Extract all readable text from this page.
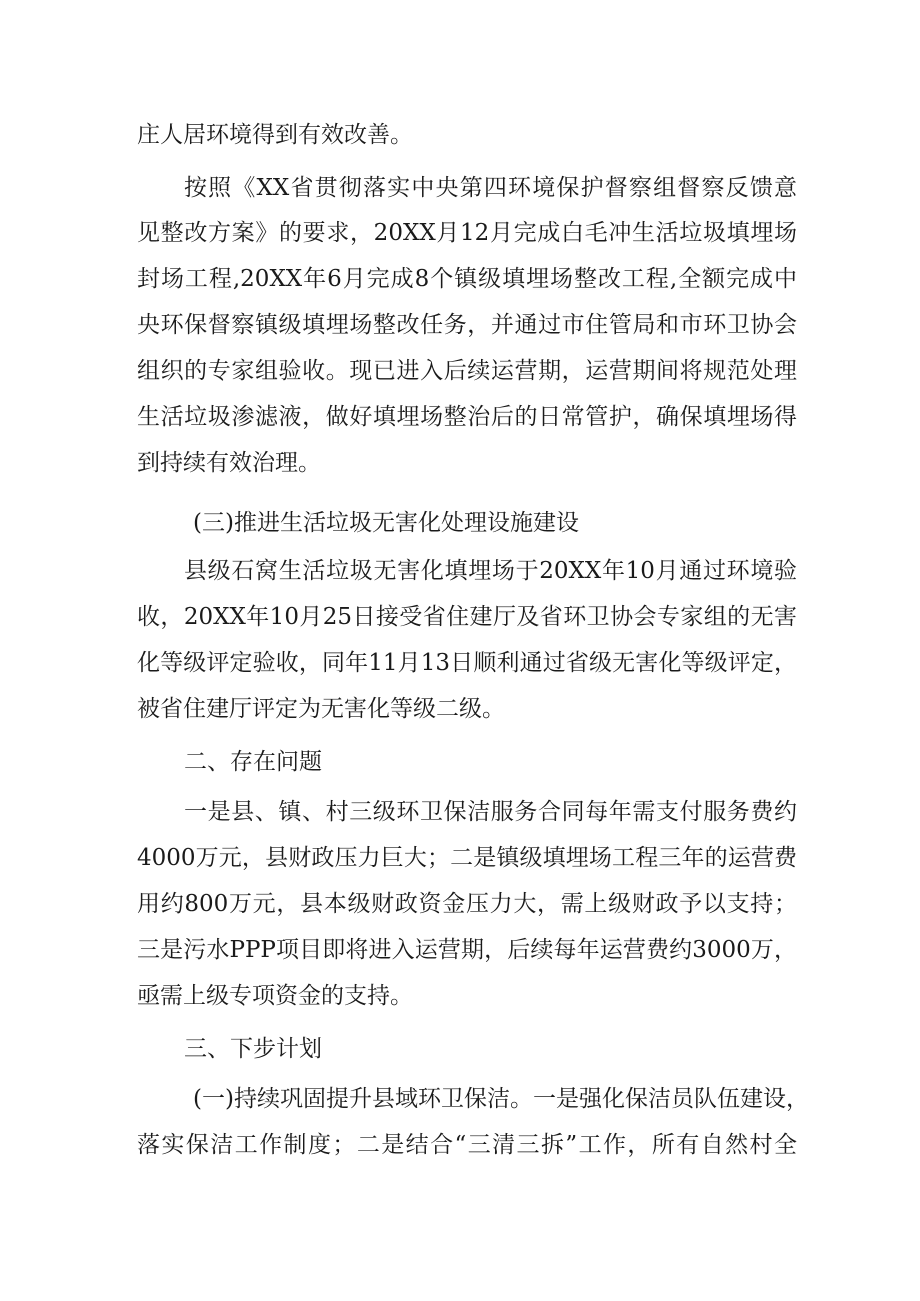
庄人居环境得到有效改善。
按照《XX省贯彻落实中央第四环境保护督察组督察反馈意
见整改方案》的要求，20XX月12月完成白毛冲生活垃圾填埋场
封场工程,20XX年6月完成8个镇级填埋场整改工程,全额完成中
央环保督察镇级填埋场整改任务，并通过市住管局和市环卫协会
组织的专家组验收。现已进入后续运营期，运营期间将规范处理
生活垃圾渗滤液，做好填埋场整治后的日常管护，确保填埋场得
到持续有效治理。
(三)推进生活垃圾无害化处理设施建设
县级石窝生活垃圾无害化填埋场于20XX年10月通过环境验
收，20XX年10月25日接受省住建厅及省环卫协会专家组的无害
化等级评定验收，同年11月13日顺利通过省级无害化等级评定，
被省住建厅评定为无害化等级二级。
二、存在问题
一是县、镇、村三级环卫保洁服务合同每年需支付服务费约
4000万元，县财政压力巨大；二是镇级填埋场工程三年的运营费
用约800万元，县本级财政资金压力大，需上级财政予以支持；
三是污水PPP项目即将进入运营期，后续每年运营费约3000万，
亟需上级专项资金的支持。
三、下步计划
(一)持续巩固提升县域环卫保洁。一是强化保洁员队伍建设，
落实保洁工作制度；二是结合“三清三拆”工作，所有自然村全
